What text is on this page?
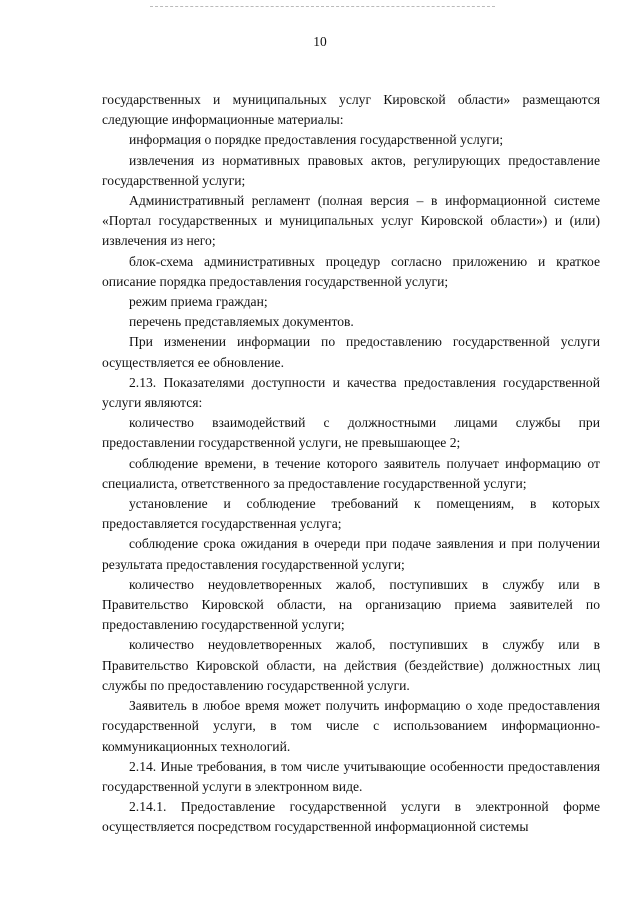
10

государственных и муниципальных услуг Кировской области» размещаются следующие информационные материалы:

информация о порядке предоставления государственной услуги;

извлечения из нормативных правовых актов, регулирующих предоставление государственной услуги;

Административный регламент (полная версия – в информационной системе «Портал государственных и муниципальных услуг Кировской области») и (или) извлечения из него;

блок-схема административных процедур согласно приложению и краткое описание порядка предоставления государственной услуги;

режим приема граждан;

перечень представляемых документов.

При изменении информации по предоставлению государственной услуги осуществляется ее обновление.

2.13. Показателями доступности и качества предоставления государственной услуги являются:

количество взаимодействий с должностными лицами службы при предоставлении государственной услуги, не превышающее 2;

соблюдение времени, в течение которого заявитель получает информацию от специалиста, ответственного за предоставление государственной услуги;

установление и соблюдение требований к помещениям, в которых предоставляется государственная услуга;

соблюдение срока ожидания в очереди при подаче заявления и при получении результата предоставления государственной услуги;

количество неудовлетворенных жалоб, поступивших в службу или в Правительство Кировской области, на организацию приема заявителей по предоставлению государственной услуги;

количество неудовлетворенных жалоб, поступивших в службу или в Правительство Кировской области, на действия (бездействие) должностных лиц службы по предоставлению государственной услуги.

Заявитель в любое время может получить информацию о ходе предоставления государственной услуги, в том числе с использованием информационно-коммуникационных технологий.

2.14. Иные требования, в том числе учитывающие особенности предоставления государственной услуги в электронном виде.

2.14.1. Предоставление государственной услуги в электронной форме осуществляется посредством государственной информационной системы
